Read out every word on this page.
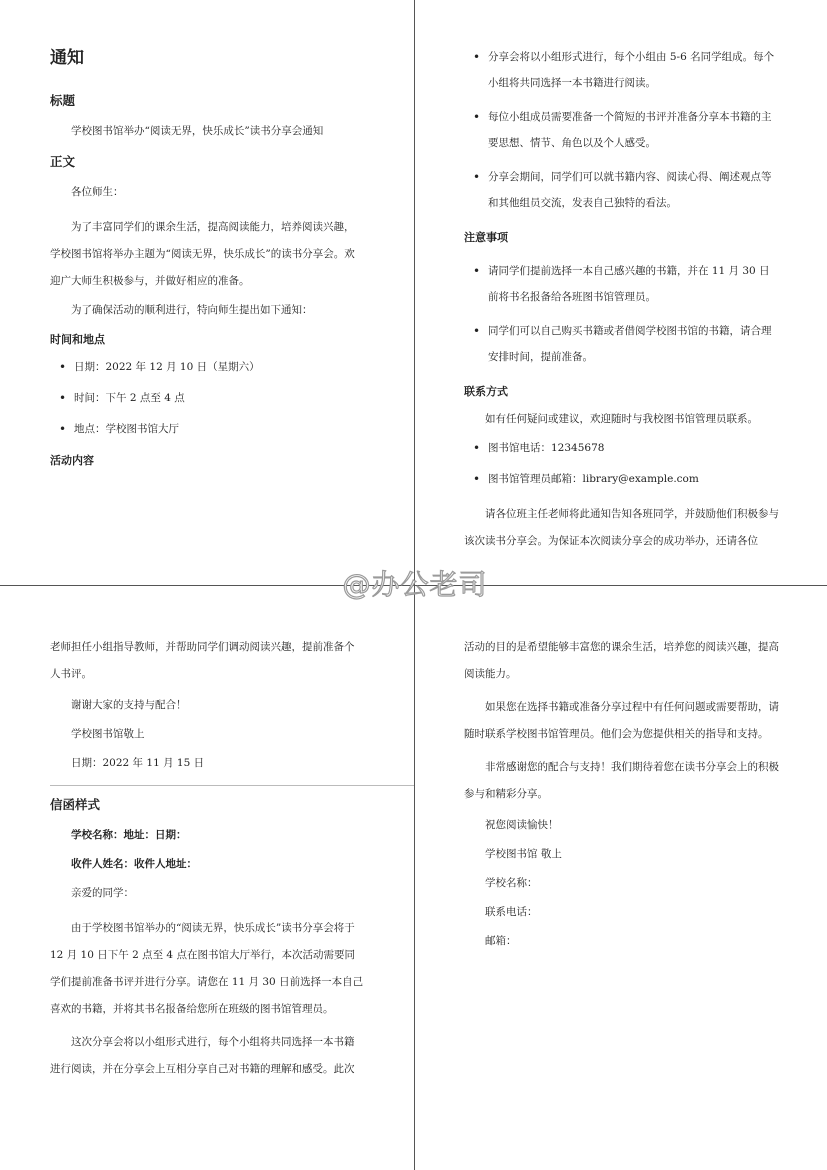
通知
标题
学校图书馆举办“阅读无界，快乐成长”读书分享会通知
正文
各位师生：
为了丰富同学们的课余生活，提高阅读能力，培养阅读兴趣，学校图书馆将举办主题为“阅读无界，快乐成长”的读书分享会。欢迎广大师生积极参与，并做好相应的准备。
为了确保活动的顺利进行，特向师生提出如下通知：
时间和地点
• 日期：2022 年 12 月 10 日（星期六）
• 时间：下午 2 点至 4 点
• 地点：学校图书馆大厅
活动内容
• 分享会将以小组形式进行，每个小组由 5-6 名同学组成。每个小组将共同选择一本书籍进行阅读。
• 每位小组成员需要准备一个简短的书评并准备分享本书籍的主要思想、情节、角色以及个人感受。
• 分享会期间，同学们可以就书籍内容、阅读心得、阐述观点等和其他组员交流，发表自己独特的看法。
注意事项
• 请同学们提前选择一本自己感兴趣的书籍，并在 11 月 30 日前将书名报备给各班图书馆管理员。
• 同学们可以自己购买书籍或者借阅学校图书馆的书籍，请合理安排时间，提前准备。
联系方式
如有任何疑问或建议，欢迎随时与我校图书馆管理员联系。
• 图书馆电话：12345678
• 图书馆管理员邮箱：library@example.com
请各位班主任老师将此通知告知各班同学，并鼓励他们积极参与该次读书分享会。为保证本次阅读分享会的成功举办，还请各位
老师担任小组指导教师，并帮助同学们调动阅读兴趣，提前准备个人书评。
谢谢大家的支持与配合！
学校图书馆敬上
日期：2022 年 11 月 15 日
信函样式
学校名称：地址：日期：
收件人姓名：收件人地址：
亲爱的同学：
由于学校图书馆举办的“阅读无界，快乐成长”读书分享会将于 12 月 10 日下午 2 点至 4 点在图书馆大厅举行，本次活动需要同学们提前准备书评并进行分享。请您在 11 月 30 日前选择一本自己喜欢的书籍，并将其书名报备给您所在班级的图书馆管理员。
这次分享会将以小组形式进行，每个小组将共同选择一本书籍进行阅读，并在分享会上互相分享自己对书籍的理解和感受。此次
活动的目的是希望能够丰富您的课余生活，培养您的阅读兴趣，提高阅读能力。
如果您在选择书籍或准备分享过程中有任何问题或需要帮助，请随时联系学校图书馆管理员。他们会为您提供相关的指导和支持。
非常感谢您的配合与支持！我们期待着您在读书分享会上的积极参与和精彩分享。
祝您阅读愉快！
学校图书馆 敬上
学校名称：
联系电话：
邮箱：
@办公老司
